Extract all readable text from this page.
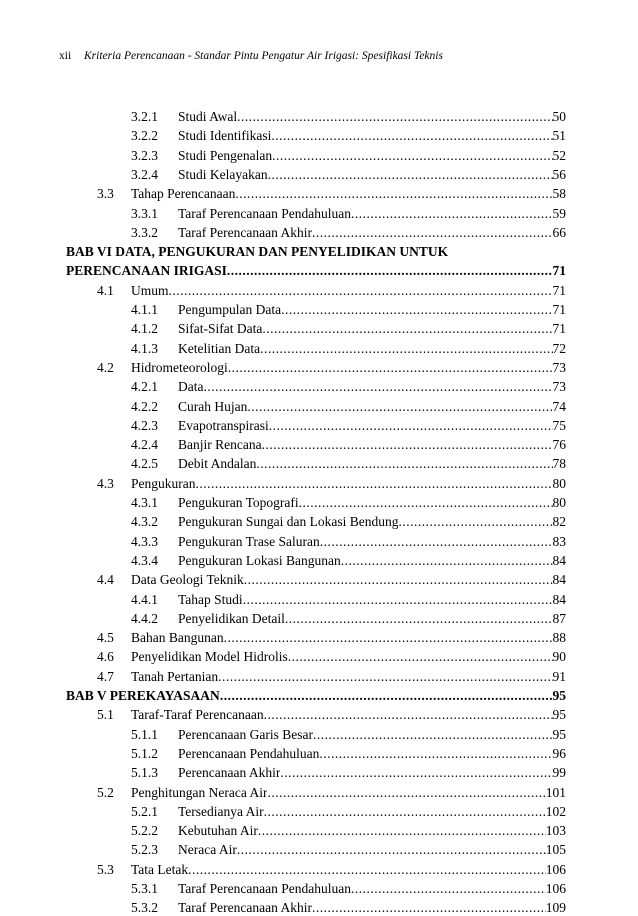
xii Kriteria Perencanaan - Standar Pintu Pengatur Air Irigasi: Spesifikasi Teknis
3.2.1	Studi Awal .....	50
3.2.2	Studi Identifikasi .....	51
3.2.3	Studi Pengenalan .....	52
3.2.4	Studi Kelayakan .....	56
3.3	Tahap Perencanaan .....	58
3.3.1	Taraf Perencanaan Pendahuluan .....	59
3.3.2	Taraf Perencanaan Akhir .....	66
BAB VI DATA, PENGUKURAN DAN PENYELIDIKAN UNTUK
PERENCANAAN IRIGASI .....	71
4.1	Umum .....	71
4.1.1	Pengumpulan Data .....	71
4.1.2	Sifat-Sifat Data .....	71
4.1.3	Ketelitian Data .....	72
4.2	Hidrometeorologi .....	73
4.2.1	Data .....	73
4.2.2	Curah Hujan .....	74
4.2.3	Evapotranspirasi .....	75
4.2.4	Banjir Rencana .....	76
4.2.5	Debit Andalan .....	78
4.3	Pengukuran .....	80
4.3.1	Pengukuran Topografi .....	80
4.3.2	Pengukuran Sungai dan Lokasi Bendung .....	82
4.3.3	Pengukuran Trase Saluran .....	83
4.3.4	Pengukuran Lokasi Bangunan .....	84
4.4	Data Geologi Teknik .....	84
4.4.1	Tahap Studi .....	84
4.4.2	Penyelidikan Detail .....	87
4.5	Bahan Bangunan .....	88
4.6	Penyelidikan Model Hidrolis .....	90
4.7	Tanah Pertanian .....	91
BAB V PEREKAYASAAN .....	95
5.1	Taraf-Taraf Perencanaan .....	95
5.1.1	Perencanaan Garis Besar .....	95
5.1.2	Perencanaan Pendahuluan .....	96
5.1.3	Perencanaan Akhir .....	99
5.2	Penghitungan Neraca Air .....	101
5.2.1	Tersedianya Air .....	102
5.2.2	Kebutuhan Air .....	103
5.2.3	Neraca Air .....	105
5.3	Tata Letak .....	106
5.3.1	Taraf Perencanaan Pendahuluan .....	106
5.3.2	Taraf Perencanaan Akhir .....	109
